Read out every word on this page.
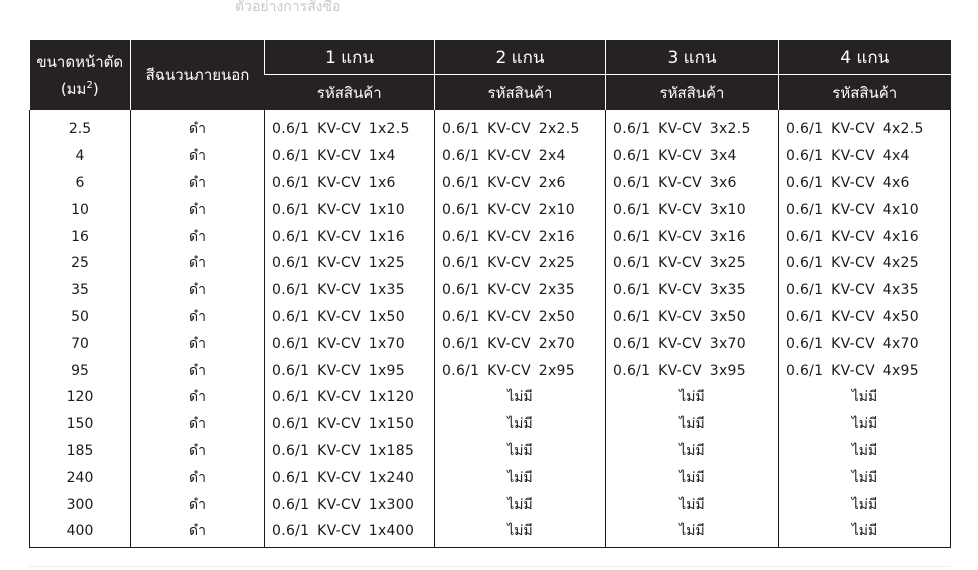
ตัวอย่างการสั่งซื้อ
ขนาดหน้าตัด
(มม$^2$)	สีฉนวนภายนอก	1 แกน	2 แกน	3 แกน	4 แกน
		รหัสสินค้า	รหัสสินค้า	รหัสสินค้า	รหัสสินค้า
2.5	ดำ	0.6/1 KV-CV 1x2.5	0.6/1 KV-CV 2x2.5	0.6/1 KV-CV 3x2.5	0.6/1 KV-CV 4x2.5
4	ดำ	0.6/1 KV-CV 1x4	0.6/1 KV-CV 2x4	0.6/1 KV-CV 3x4	0.6/1 KV-CV 4x4
6	ดำ	0.6/1 KV-CV 1x6	0.6/1 KV-CV 2x6	0.6/1 KV-CV 3x6	0.6/1 KV-CV 4x6
10	ดำ	0.6/1 KV-CV 1x10	0.6/1 KV-CV 2x10	0.6/1 KV-CV 3x10	0.6/1 KV-CV 4x10
16	ดำ	0.6/1 KV-CV 1x16	0.6/1 KV-CV 2x16	0.6/1 KV-CV 3x16	0.6/1 KV-CV 4x16
25	ดำ	0.6/1 KV-CV 1x25	0.6/1 KV-CV 2x25	0.6/1 KV-CV 3x25	0.6/1 KV-CV 4x25
35	ดำ	0.6/1 KV-CV 1x35	0.6/1 KV-CV 2x35	0.6/1 KV-CV 3x35	0.6/1 KV-CV 4x35
50	ดำ	0.6/1 KV-CV 1x50	0.6/1 KV-CV 2x50	0.6/1 KV-CV 3x50	0.6/1 KV-CV 4x50
70	ดำ	0.6/1 KV-CV 1x70	0.6/1 KV-CV 2x70	0.6/1 KV-CV 3x70	0.6/1 KV-CV 4x70
95	ดำ	0.6/1 KV-CV 1x95	0.6/1 KV-CV 2x95	0.6/1 KV-CV 3x95	0.6/1 KV-CV 4x95
120	ดำ	0.6/1 KV-CV 1x120	ไม่มี	ไม่มี	ไม่มี
150	ดำ	0.6/1 KV-CV 1x150	ไม่มี	ไม่มี	ไม่มี
185	ดำ	0.6/1 KV-CV 1x185	ไม่มี	ไม่มี	ไม่มี
240	ดำ	0.6/1 KV-CV 1x240	ไม่มี	ไม่มี	ไม่มี
300	ดำ	0.6/1 KV-CV 1x300	ไม่มี	ไม่มี	ไม่มี
400	ดำ	0.6/1 KV-CV 1x400	ไม่มี	ไม่มี	ไม่มี
